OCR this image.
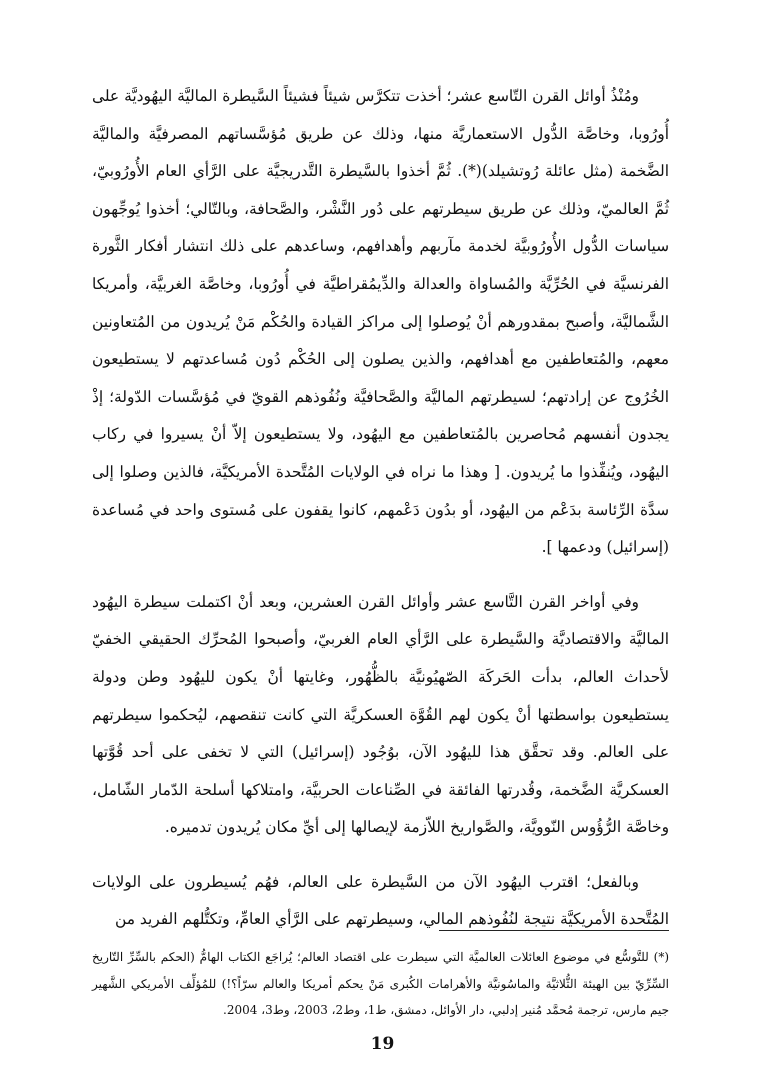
ومُنْذُ أوائل القرن التّاسع عشر؛ أخذت تتكرَّس شيئاً فشيئاً السَّيطرة الماليَّة اليهُوديَّة على أُورُوبا، وخاصَّة الدُّول الاستعماريَّة منها، وذلك عن طريق مُؤسَّساتهم المصرفيَّة والماليَّة الضَّخمة (مثل عائلة رُوتشيلد)(*). ثُمَّ أخذوا بالسَّيطرة التَّدريجيَّة على الرَّأي العام الأُورُوبيّ، ثُمَّ العالميّ، وذلك عن طريق سيطرتهم على دُور النَّشْر، والصَّحافة، وبالتّالي؛ أخذوا يُوجِّهون سياسات الدُّول الأُورُوبيَّة لخدمة مآربهم وأهدافهم، وساعدهم على ذلك انتشار أفكار الثَّورة الفرنسيَّة في الحُرِّيَّة والمُساواة والعدالة والدِّيمُقراطيَّة في أُورُوبا، وخاصَّة الغربيَّة، وأمريكا الشَّماليَّة، وأصبح بمقدورهم أنْ يُوصلوا إلى مراكز القيادة والحُكْم مَنْ يُريدون من المُتعاونين معهم، والمُتعاطفين مع أهدافهم، والذين يصلون إلى الحُكْم دُون مُساعدتهم لا يستطيعون الخُرُوج عن إرادتهم؛ لسيطرتهم الماليَّة والصَّحافيَّة ونُفُوذهم القويّ في مُؤسَّسات الدّولة؛ إذْ يجدون أنفسهم مُحاصرين بالمُتعاطفين مع اليهُود، ولا يستطيعون إلاّ أنْ يسيروا في ركاب اليهُود، ويُنفِّذوا ما يُريدون. [ وهذا ما نراه في الولايات المُتَّحدة الأمريكيَّة، فالذين وصلوا إلى سدَّة الرِّئاسة بدَعْم من اليهُود، أو بدُون دَعْمهم، كانوا يقفون على مُستوى واحد في مُساعدة (إسرائيل) ودعمها ].

وفي أواخر القرن التَّاسع عشر وأوائل القرن العشرين، وبعد أنْ اكتملت سيطرة اليهُود الماليَّة والاقتصاديَّة والسَّيطرة على الرَّأي العام الغربيّ، وأصبحوا المُحرِّك الحقيقي الخفيّ لأحداث العالم، بدأت الحَركَة الصّهيُونيَّة بالظُّهُور، وغايتها أنْ يكون لليهُود وطن ودولة يستطيعون بواسطتها أنْ يكون لهم القُوَّة العسكريَّة التي كانت تنقصهم، ليُحكموا سيطرتهم على العالم. وقد تحقَّق هذا لليهُود الآن، بوُجُود (إسرائيل) التي لا تخفى على أحد قُوَّتها العسكريَّة الضَّخمة، وقُدرتها الفائقة في الصِّناعات الحربيَّة، وامتلاكها أسلحة الدّمار الشّامل، وخاصَّة الرُّؤُوس النّوويَّة، والصَّواريخ اللاّزمة لإيصالها إلى أيِّ مكان يُريدون تدميره.

وبالفعل؛ اقترب اليهُود الآن من السَّيطرة على العالم، فهُم يُسيطرون على الولايات المُتَّحدة الأمريكيَّة نتيجة لنُفُوذهم المالي، وسيطرتهم على الرَّأي العامِّ، وتكتُّلهم الفريد من

(*) للتَّوسُّع في موضوع العائلات العالميَّة التي سيطرت على اقتصاد العالم؛ يُراجَع الكتاب الهامُّ (الحكم بالسِّرِّ التّاريخ السِّرِّيّ بين الهيئة الثُّلاثيَّة والماسُونيَّة والأهرامات الكُبرى مَنْ يحكم أمريكا والعالم سرّاً؟!) للمُؤلِّف الأمريكي الشَّهير جيم مارس، ترجمة مُحمَّد مُنير إدلبي، دار الأوائل، دمشق، ط1، وط2، 2003، وط3، 2004.

19
